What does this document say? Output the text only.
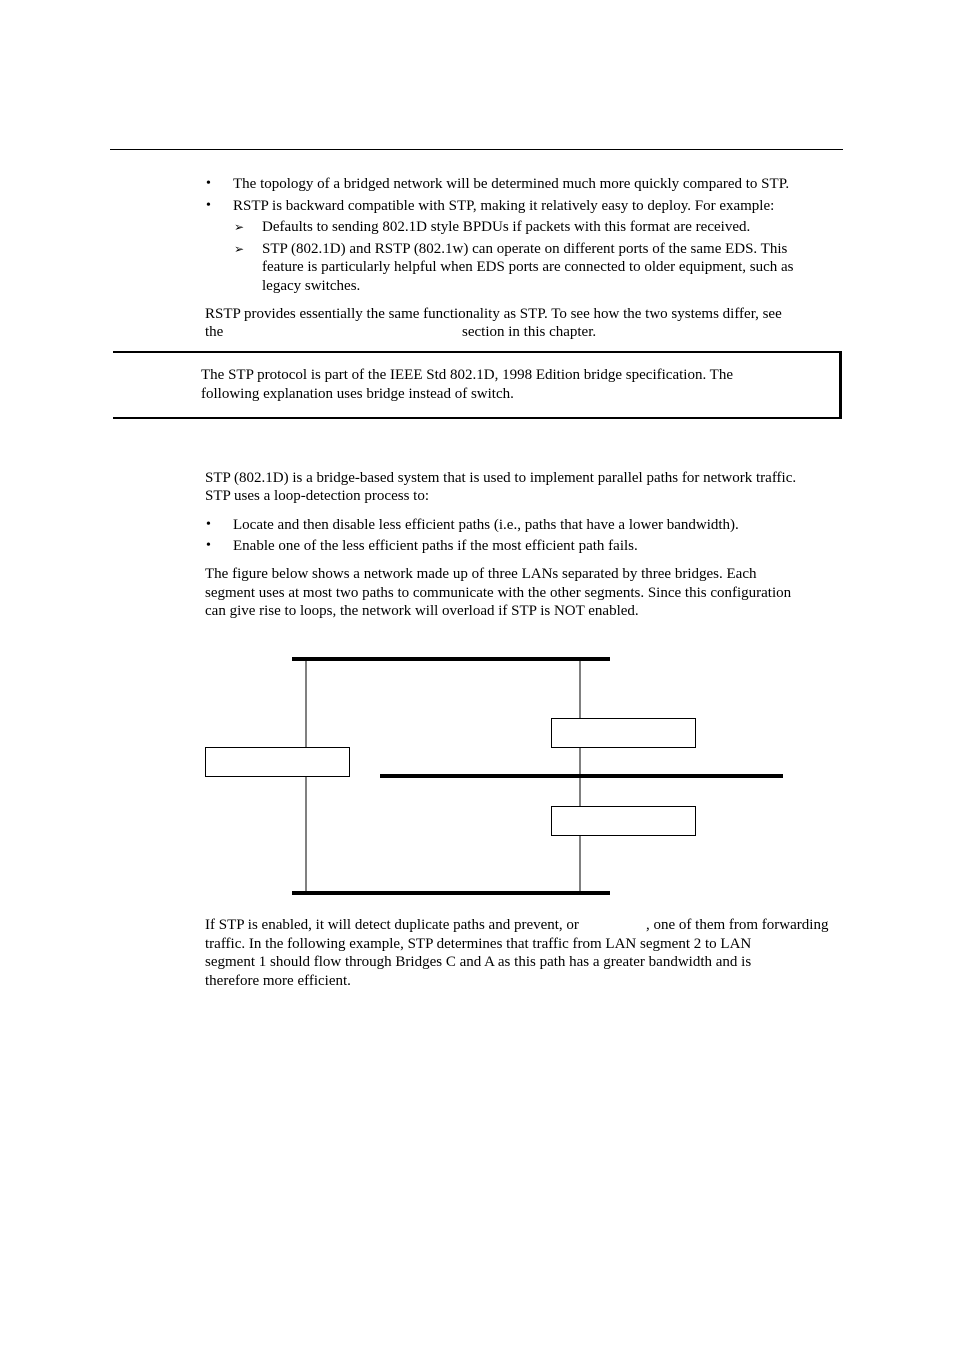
• The topology of a bridged network will be determined much more quickly compared to STP.
• RSTP is backward compatible with STP, making it relatively easy to deploy. For example:
➢ Defaults to sending 802.1D style BPDUs if packets with this format are received.
➢ STP (802.1D) and RSTP (802.1w) can operate on different ports of the same EDS. This
feature is particularly helpful when EDS ports are connected to older equipment, such as
legacy switches.
RSTP provides essentially the same functionality as STP. To see how the two systems differ, see
the	section in this chapter.
The STP protocol is part of the IEEE Std 802.1D, 1998 Edition bridge specification. The
following explanation uses bridge instead of switch.
STP (802.1D) is a bridge-based system that is used to implement parallel paths for network traffic.
STP uses a loop-detection process to:
• Locate and then disable less efficient paths (i.e., paths that have a lower bandwidth).
• Enable one of the less efficient paths if the most efficient path fails.
The figure below shows a network made up of three LANs separated by three bridges. Each
segment uses at most two paths to communicate with the other segments. Since this configuration
can give rise to loops, the network will overload if STP is NOT enabled.
If STP is enabled, it will detect duplicate paths and prevent, or	, one of them from forwarding
traffic. In the following example, STP determines that traffic from LAN segment 2 to LAN
segment 1 should flow through Bridges C and A as this path has a greater bandwidth and is
therefore more efficient.
